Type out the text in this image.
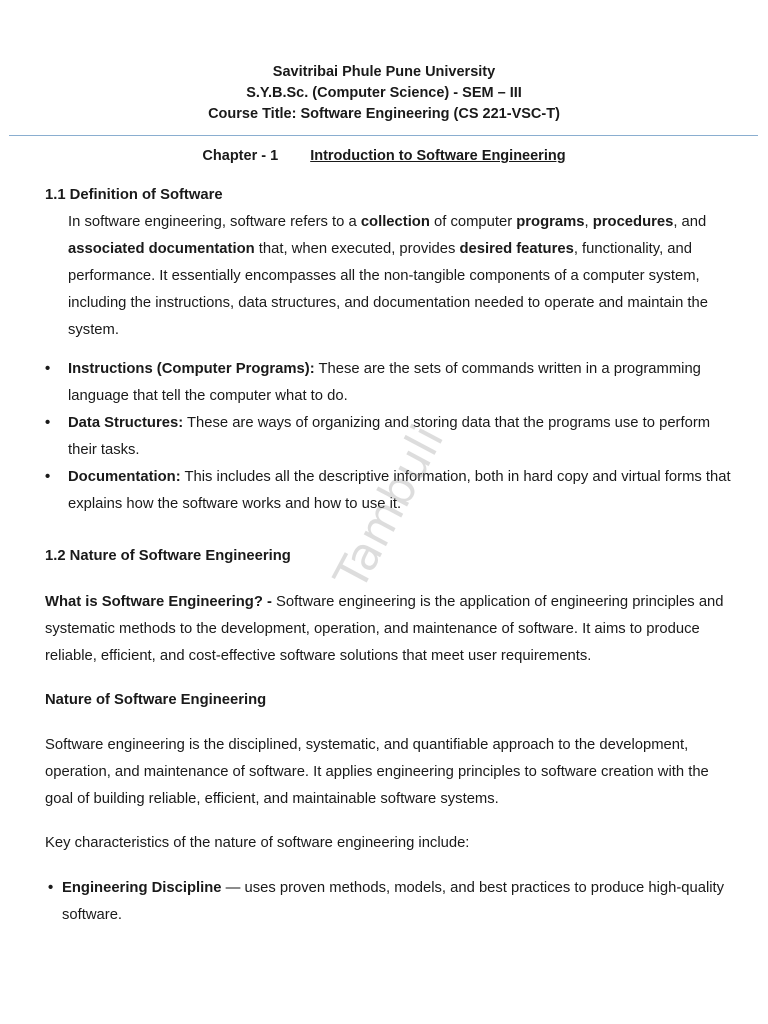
Savitribai Phule Pune University
S.Y.B.Sc. (Computer Science) - SEM – III
Course Title: Software Engineering (CS 221-VSC-T)
Chapter - 1 Introduction to Software Engineering
1.1 Definition of Software
In software engineering, software refers to a collection of computer programs, procedures, and associated documentation that, when executed, provides desired features, functionality, and performance. It essentially encompasses all the non-tangible components of a computer system, including the instructions, data structures, and documentation needed to operate and maintain the system.
• Instructions (Computer Programs): These are the sets of commands written in a programming language that tell the computer what to do.
• Data Structures: These are ways of organizing and storing data that the programs use to perform their tasks.
• Documentation: This includes all the descriptive information, both in hard copy and virtual forms that explains how the software works and how to use it.
1.2 Nature of Software Engineering
What is Software Engineering? - Software engineering is the application of engineering principles and systematic methods to the development, operation, and maintenance of software. It aims to produce reliable, efficient, and cost-effective software solutions that meet user requirements.
Nature of Software Engineering
Software engineering is the disciplined, systematic, and quantifiable approach to the development, operation, and maintenance of software. It applies engineering principles to software creation with the goal of building reliable, efficient, and maintainable software systems.
Key characteristics of the nature of software engineering include:
• Engineering Discipline — uses proven methods, models, and best practices to produce high-quality software.
Tambuli
